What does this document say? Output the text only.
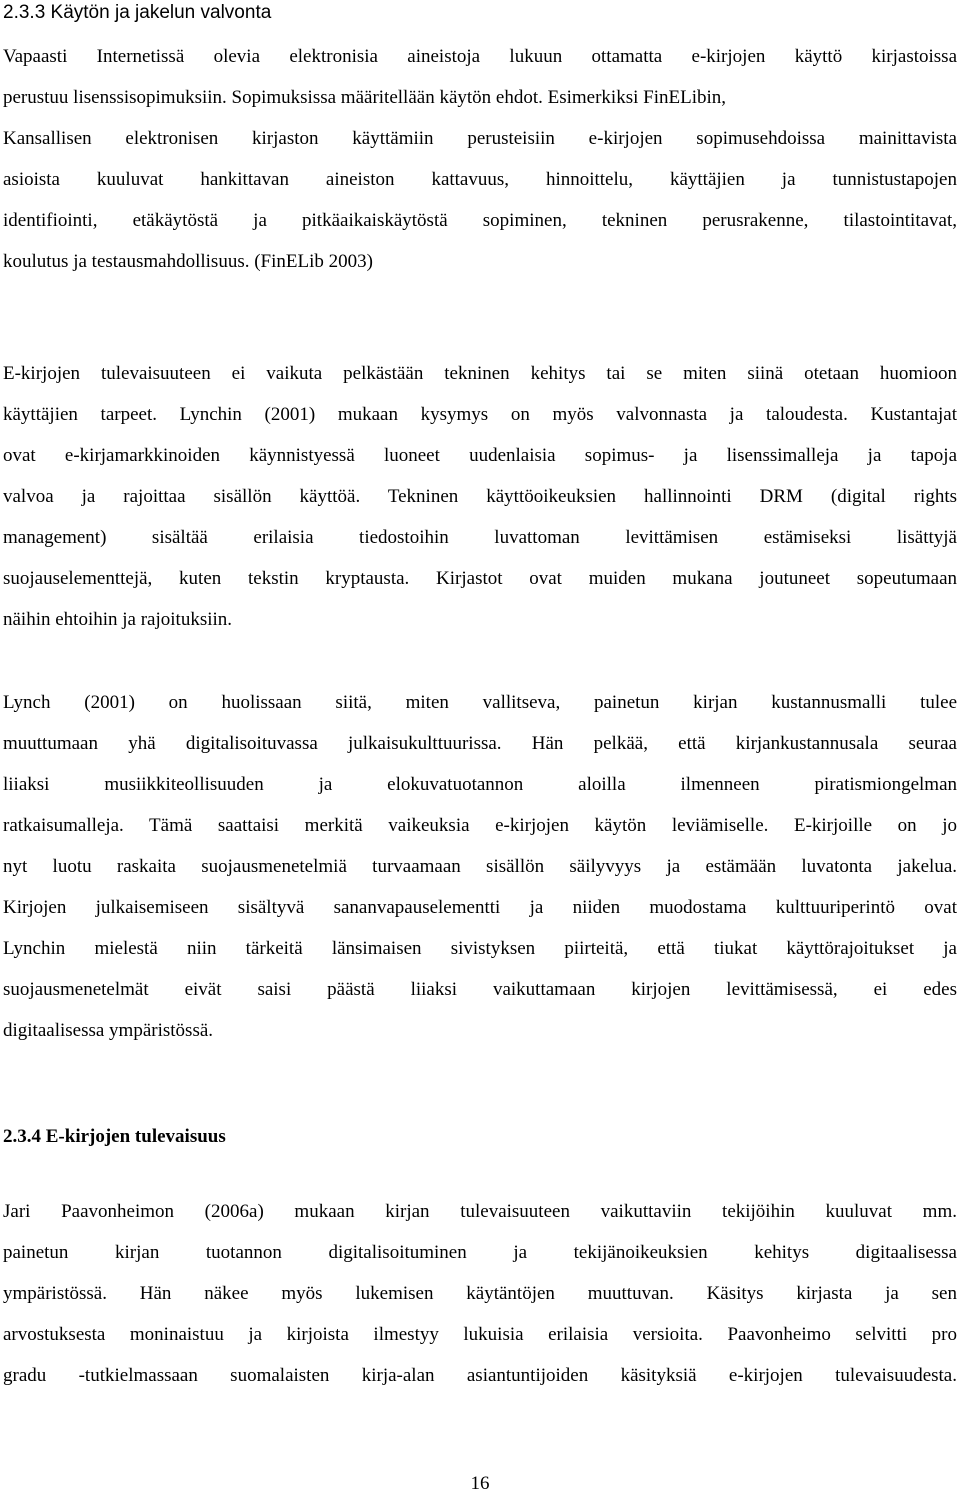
2.3.3 Käytön ja jakelun valvonta
Vapaasti Internetissä olevia elektronisia aineistoja lukuun ottamatta e-kirjojen käyttö kirjastoissa
perustuu lisenssisopimuksiin. Sopimuksissa määritellään käytön ehdot. Esimerkiksi FinELibin,
Kansallisen elektronisen kirjaston käyttämiin perusteisiin e-kirjojen sopimusehdoissa mainittavista
asioista kuuluvat hankittavan aineiston kattavuus, hinnoittelu, käyttäjien ja tunnistustapojen
identifiointi, etäkäytöstä ja pitkäaikaiskäytöstä sopiminen, tekninen perusrakenne, tilastointitavat,
koulutus ja testausmahdollisuus. (FinELib 2003)
E-kirjojen tulevaisuuteen ei vaikuta pelkästään tekninen kehitys tai se miten siinä otetaan huomioon
käyttäjien tarpeet. Lynchin (2001) mukaan kysymys on myös valvonnasta ja taloudesta. Kustantajat
ovat e-kirjamarkkinoiden käynnistyessä luoneet uudenlaisia sopimus- ja lisenssimalleja ja tapoja
valvoa ja rajoittaa sisällön käyttöä. Tekninen käyttöoikeuksien hallinnointi DRM (digital rights
management) sisältää erilaisia tiedostoihin luvattoman levittämisen estämiseksi lisättyjä
suojauselementtejä, kuten tekstin kryptausta. Kirjastot ovat muiden mukana joutuneet sopeutumaan
näihin ehtoihin ja rajoituksiin.
Lynch (2001) on huolissaan siitä, miten vallitseva, painetun kirjan kustannusmalli tulee
muuttumaan yhä digitalisoituvassa julkaisukulttuurissa. Hän pelkää, että kirjankustannusala seuraa
liiaksi musiikkiteollisuuden ja elokuvatuotannon aloilla ilmenneen piratismiongelman
ratkaisumalleja. Tämä saattaisi merkitä vaikeuksia e-kirjojen käytön leviämiselle. E-kirjoille on jo
nyt luotu raskaita suojausmenetelmiä turvaamaan sisällön säilyvyys ja estämään luvatonta jakelua.
Kirjojen julkaisemiseen sisältyvä sananvapauselementti ja niiden muodostama kulttuuriperintö ovat
Lynchin mielestä niin tärkeitä länsimaisen sivistyksen piirteitä, että tiukat käyttörajoitukset ja
suojausmenetelmät eivät saisi päästä liiaksi vaikuttamaan kirjojen levittämisessä, ei edes
digitaalisessa ympäristössä.
2.3.4 E-kirjojen tulevaisuus
Jari Paavonheimon (2006a) mukaan kirjan tulevaisuuteen vaikuttaviin tekijöihin kuuluvat mm.
painetun kirjan tuotannon digitalisoituminen ja tekijänoikeuksien kehitys digitaalisessa
ympäristössä. Hän näkee myös lukemisen käytäntöjen muuttuvan. Käsitys kirjasta ja sen
arvostuksesta moninaistuu ja kirjoista ilmestyy lukuisia erilaisia versioita. Paavonheimo selvitti pro
gradu -tutkielmassaan suomalaisten kirja-alan asiantuntijoiden käsityksiä e-kirjojen tulevaisuudesta.
16
